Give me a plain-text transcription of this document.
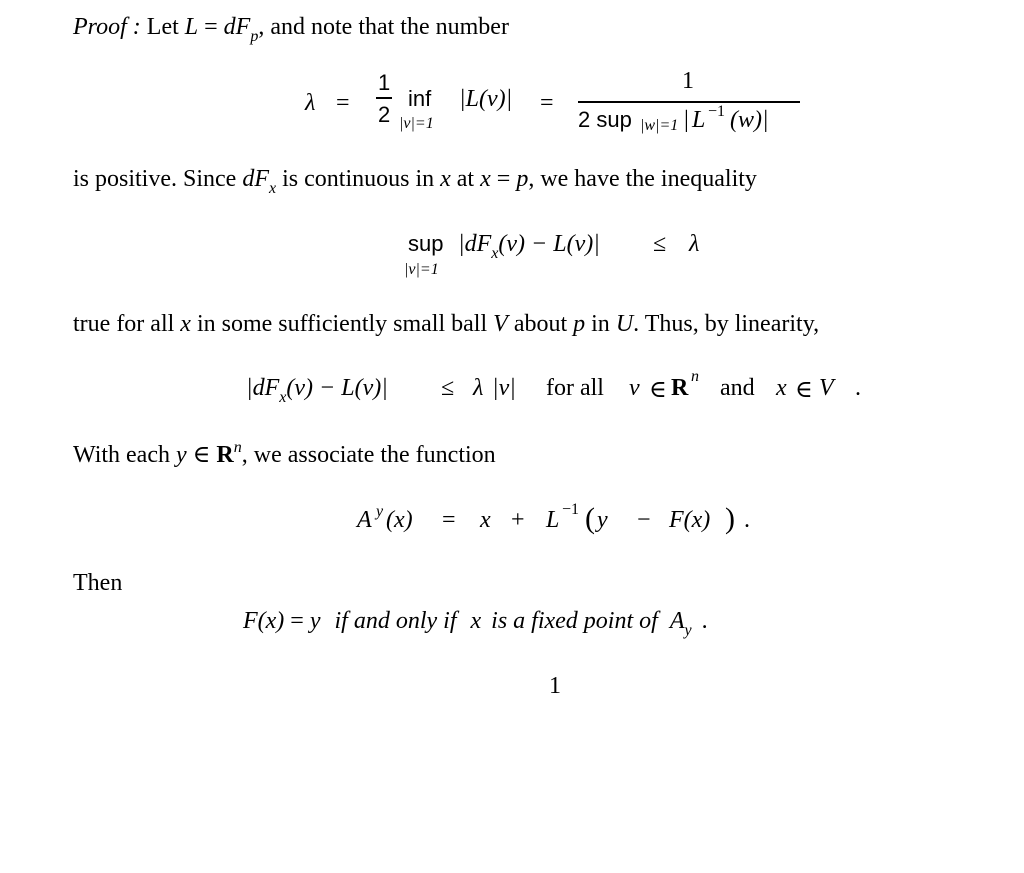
Proof : Let $L = dF_p$, and note that the number
λ =
1
2
inf
|v|=1
|L(v)| =
1
2 sup |w|=1 | L −1 (w)|
is positive. Since $dF_x$ is continuous in x at x = p, we have the inequality
sup
|v|=1
$|dF_x(v) - L(v)| \le \lambda$
true for all x in some sufficiently small ball V about p in U. Thus, by linearity,
$|dF_x(v) - L(v)| \le \lambda$ |v| for all v ∈ R n and x ∈ V .
With each y ∈ $R^n$, we associate the function
A y (x) = x + L −1 ( y − F(x) ) .
Then
F(x) = y if and only if x is a fixed point of $A_y$ .
1
